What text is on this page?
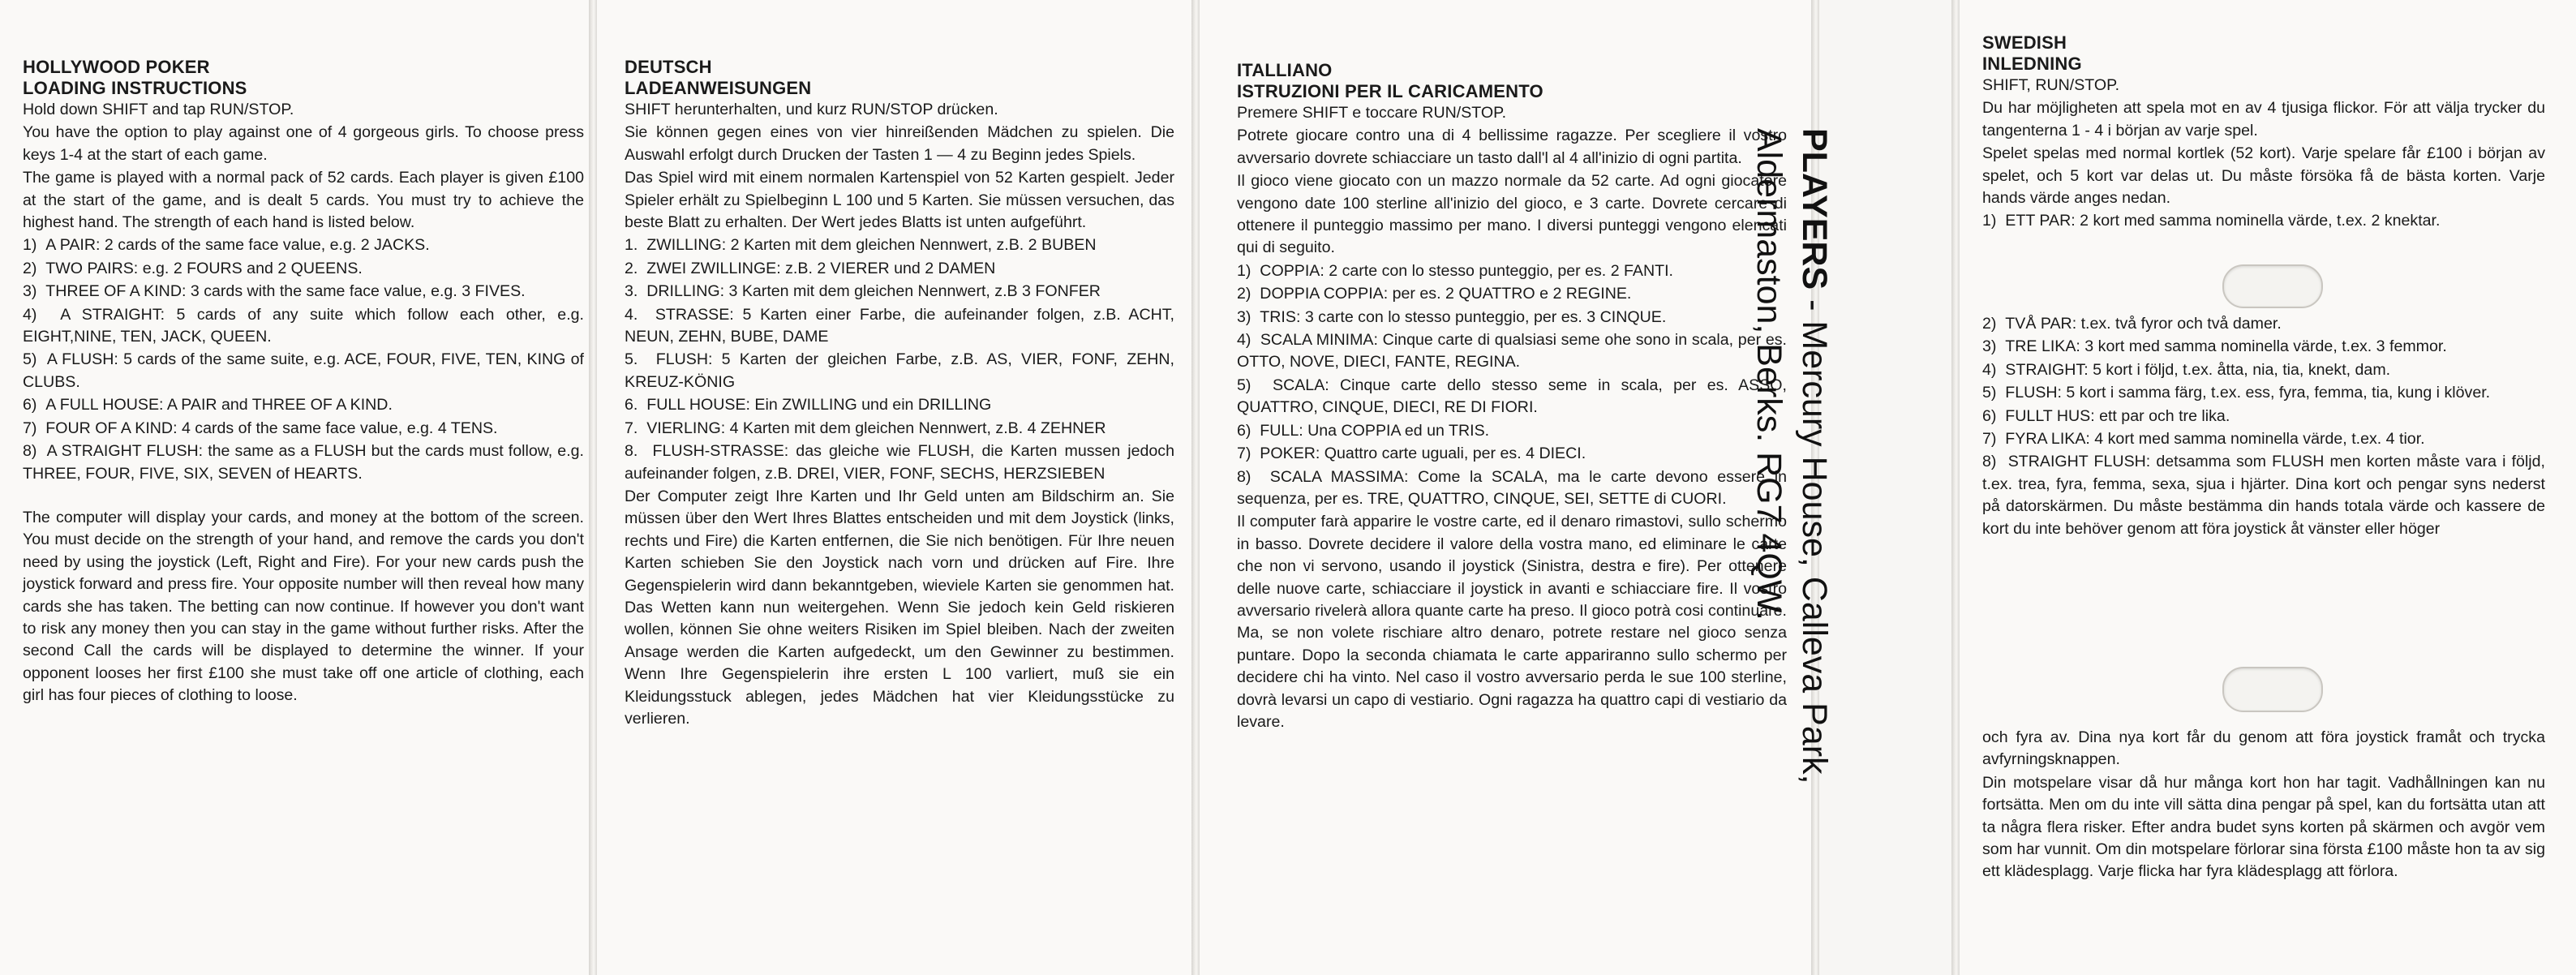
HOLLYWOOD POKER

LOADING INSTRUCTIONS

Hold down SHIFT and tap RUN/STOP.

You have the option to play against one of 4 gorgeous girls. To choose press keys 1-4 at the start of each game.

The game is played with a normal pack of 52 cards. Each player is given £100 at the start of the game, and is dealt 5 cards. You must try to achieve the highest hand. The strength of each hand is listed below.

1)  A PAIR: 2 cards of the same face value, e.g. 2 JACKS.

2)  TWO PAIRS: e.g. 2 FOURS and 2 QUEENS.

3)  THREE OF A KIND: 3 cards with the same face value, e.g. 3 FIVES.

4)  A STRAIGHT: 5 cards of any suite which follow each other, e.g. EIGHT,NINE, TEN, JACK, QUEEN.

5)  A FLUSH: 5 cards of the same suite, e.g. ACE, FOUR, FIVE, TEN, KING of CLUBS.

6)  A FULL HOUSE: A PAIR and THREE OF A KIND.

7)  FOUR OF A KIND: 4 cards of the same face value, e.g. 4 TENS.

8)  A STRAIGHT FLUSH: the same as a FLUSH but the cards must follow, e.g. THREE, FOUR, FIVE, SIX, SEVEN of HEARTS.

The computer will display your cards, and money at the bottom of the screen. You must decide on the strength of your hand, and remove the cards you don't need by using the joystick (Left, Right and Fire). For your new cards push the joystick forward and press fire. Your opposite number will then reveal how many cards she has taken. The betting can now continue. If however you don't want to risk any money then you can stay in the game without further risks. After the second Call the cards will be displayed to determine the winner. If your opponent looses her first £100 she must take off one article of clothing, each girl has four pieces of clothing to loose.

DEUTSCH

LADEANWEISUNGEN

SHIFT herunterhalten, und kurz RUN/STOP drücken.

Sie können gegen eines von vier hinreißenden Mädchen zu spielen. Die Auswahl erfolgt durch Drucken der Tasten 1 — 4 zu Beginn jedes Spiels.

Das Spiel wird mit einem normalen Kartenspiel von 52 Karten gespielt. Jeder Spieler erhält zu Spielbeginn L 100 und 5 Karten. Sie müssen versuchen, das beste Blatt zu erhalten. Der Wert jedes Blatts ist unten aufgeführt.

1.  ZWILLING: 2 Karten mit dem gleichen Nennwert, z.B. 2 BUBEN

2.  ZWEI ZWILLINGE: z.B. 2 VIERER und 2 DAMEN

3.  DRILLING: 3 Karten mit dem gleichen Nennwert, z.B 3 FONFER

4.  STRASSE: 5 Karten einer Farbe, die aufeinander folgen, z.B. ACHT, NEUN, ZEHN, BUBE, DAME

5.  FLUSH: 5 Karten der gleichen Farbe, z.B. AS, VIER, FONF, ZEHN, KREUZ-KÖNIG

6.  FULL HOUSE: Ein ZWILLING und ein DRILLING

7.  VIERLING: 4 Karten mit dem gleichen Nennwert, z.B. 4 ZEHNER

8.  FLUSH-STRASSE: das gleiche wie FLUSH, die Karten mussen jedoch aufeinander folgen, z.B. DREI, VIER, FONF, SECHS, HERZSIEBEN

Der Computer zeigt Ihre Karten und Ihr Geld unten am Bildschirm an. Sie müssen über den Wert Ihres Blattes entscheiden und mit dem Joystick (links, rechts und Fire) die Karten entfernen, die Sie nich benötigen. Für Ihre neuen Karten schieben Sie den Joystick nach vorn und drücken auf Fire. Ihre Gegenspielerin wird dann bekanntgeben, wieviele Karten sie genommen hat. Das Wetten kann nun weitergehen. Wenn Sie jedoch kein Geld riskieren wollen, können Sie ohne weiters Risiken im Spiel bleiben. Nach der zweiten Ansage werden die Karten aufgedeckt, um den Gewinner zu bestimmen. Wenn Ihre Gegenspielerin ihre ersten L 100 varliert, muß sie ein Kleidungsstuck ablegen, jedes Mädchen hat vier Kleidungsstücke zu verlieren.

ITALLIANO

ISTRUZIONI PER IL CARICAMENTO

Premere SHIFT e toccare RUN/STOP.

Potrete giocare contro una di 4 bellissime ragazze. Per scegliere il vostro avversario dovrete schiacciare un tasto dall'l al 4 all'inizio di ogni partita.

Il gioco viene giocato con un mazzo normale da 52 carte. Ad ogni giocatore vengono date 100 sterline all'inizio del gioco, e 3 carte. Dovrete cercare di ottenere il punteggio massimo per mano. I diversi punteggi vengono elencati qui di seguito.

1)  COPPIA: 2 carte con lo stesso punteggio, per es. 2 FANTI.

2)  DOPPIA COPPIA: per es. 2 QUATTRO e 2 REGINE.

3)  TRIS: 3 carte con lo stesso punteggio, per es. 3 CINQUE.

4)  SCALA MINIMA: Cinque carte di qualsiasi seme ohe sono in scala, per es. OTTO, NOVE, DIECI, FANTE, REGINA.

5)  SCALA: Cinque carte dello stesso seme in scala, per es. ASSO, QUATTRO, CINQUE, DIECI, RE DI FIORI.

6)  FULL: Una COPPIA ed un TRIS.

7)  POKER: Quattro carte uguali, per es. 4 DIECI.

8)  SCALA MASSIMA: Come la SCALA, ma le carte devono essere in sequenza, per es. TRE, QUATTRO, CINQUE, SEI, SETTE di CUORI.

Il computer farà apparire le vostre carte, ed il denaro rimastovi, sullo schermo in basso. Dovrete decidere il valore della vostra mano, ed eliminare le carte che non vi servono, usando il joystick (Sinistra, destra e fire). Per ottenere delle nuove carte, schiacciare il joystick in avanti e schiacciare fire. Il vostro avversario rivelerà allora quante carte ha preso. Il gioco potrà cosi continuare. Ma, se non volete rischiare altro denaro, potrete restare nel gioco senza puntare. Dopo la seconda chiamata le carte appariranno sullo schermo per decidere chi ha vinto. Nel caso il vostro avversario perda le sue 100 sterline, dovrà levarsi un capo di vestiario. Ogni ragazza ha quattro capi di vestiario da levare.

PLAYERS - Mercury House, Calleva Park,
Aldermaston, Berks. RG7 4QW.

SWEDISH

INLEDNING

SHIFT, RUN/STOP.

Du har möjligheten att spela mot en av 4 tjusiga flickor. För att välja trycker du tangenterna 1 - 4 i början av varje spel.

Spelet spelas med normal kortlek (52 kort). Varje spelare får £100 i början av spelet, och 5 kort var delas ut. Du måste försöka få de bästa korten. Varje hands värde anges nedan.

1)  ETT PAR: 2 kort med samma nominella värde, t.ex. 2 knektar.

2)  TVÅ PAR: t.ex. två fyror och två damer.

3)  TRE LIKA: 3 kort med samma nominella värde, t.ex. 3 femmor.

4)  STRAIGHT: 5 kort i följd, t.ex. åtta, nia, tia, knekt, dam.

5)  FLUSH: 5 kort i samma färg, t.ex. ess, fyra, femma, tia, kung i klöver.

6)  FULLT HUS: ett par och tre lika.

7)  FYRA LIKA: 4 kort med samma nominella värde, t.ex. 4 tior.

8)  STRAIGHT FLUSH: detsamma som FLUSH men korten måste vara i följd, t.ex. trea, fyra, femma, sexa, sjua i hjärter. Dina kort och pengar syns nederst på datorskärmen. Du måste bestämma din hands totala värde och kassere de kort du inte behöver genom att föra joystick åt vänster eller höger

och fyra av. Dina nya kort får du genom att föra joystick framåt och trycka avfyrningsknappen.

Din motspelare visar då hur många kort hon har tagit. Vadhållningen kan nu fortsätta. Men om du inte vill sätta dina pengar på spel, kan du fortsätta utan att ta några flera risker. Efter andra budet syns korten på skärmen och avgör vem som har vunnit. Om din motspelare förlorar sina första £100 måste hon ta av sig ett klädesplagg. Varje flicka har fyra klädesplagg att förlora.
